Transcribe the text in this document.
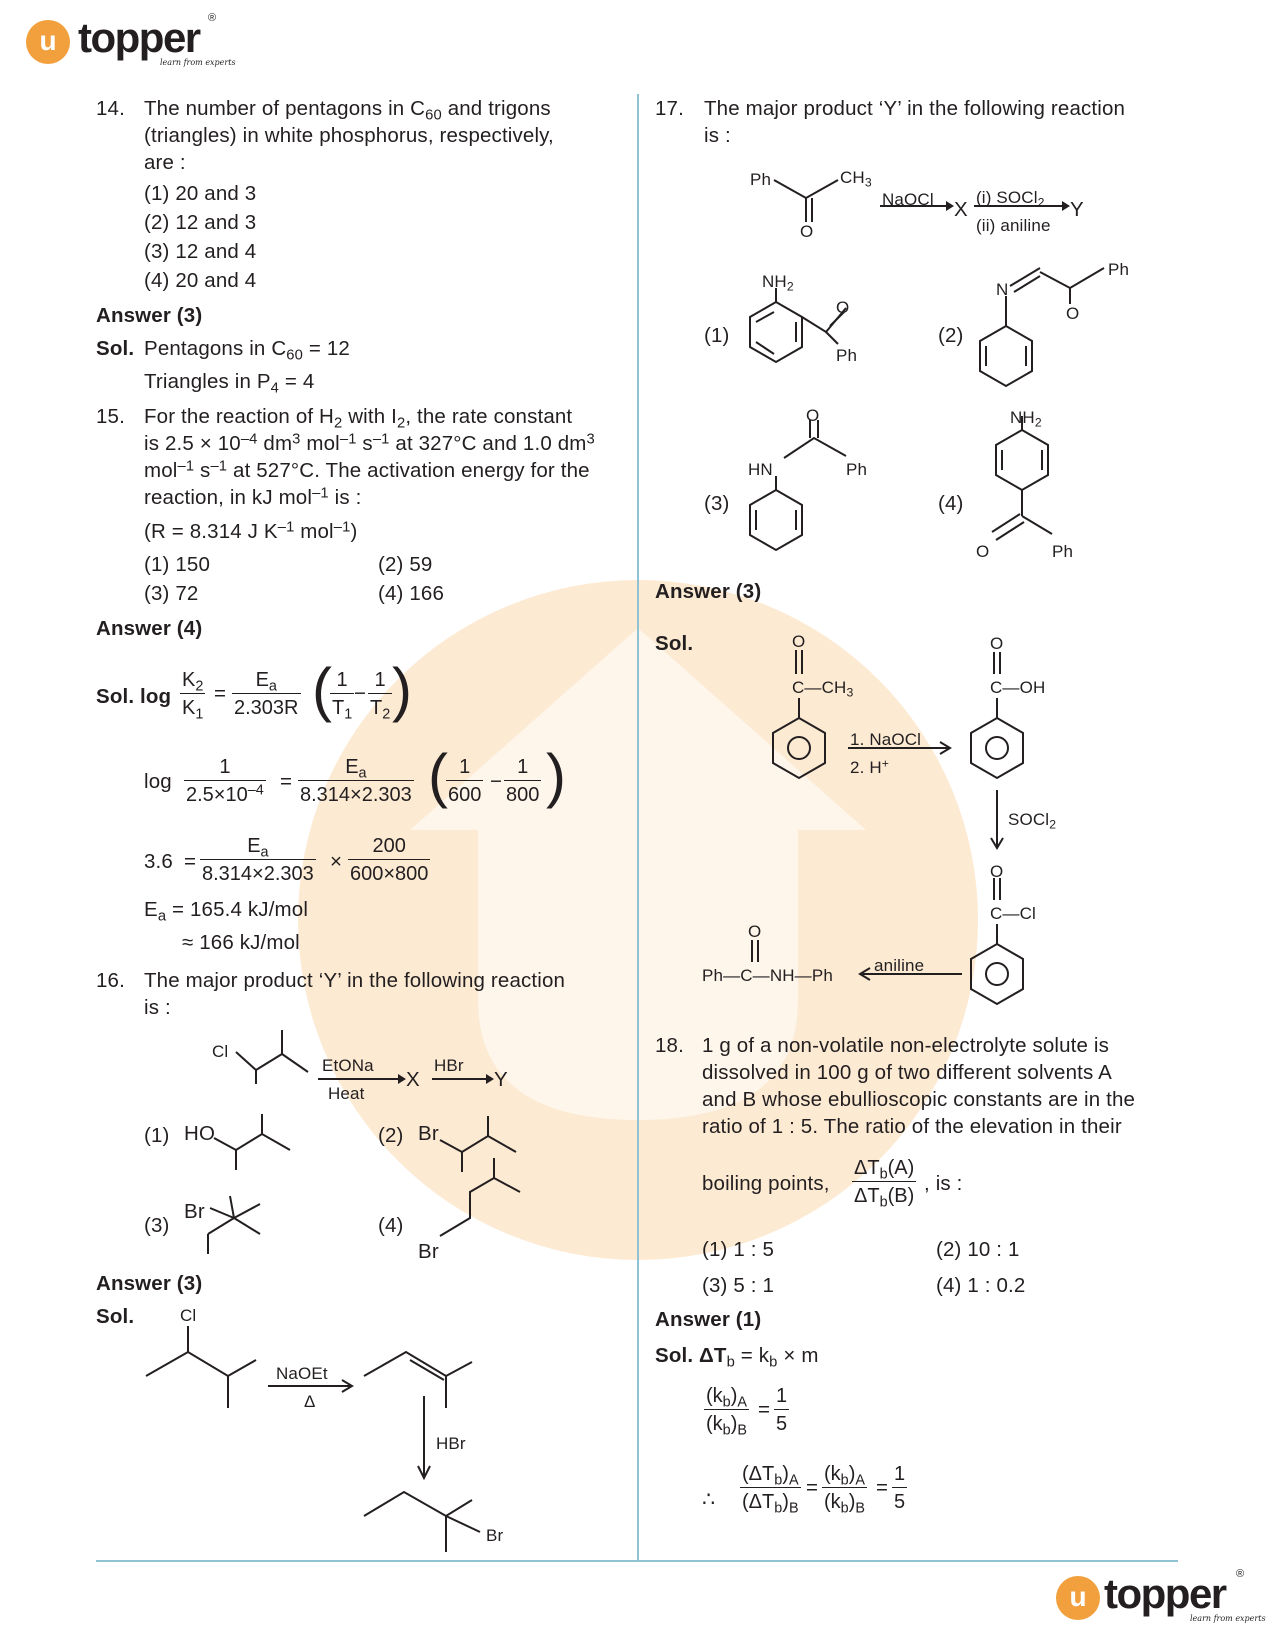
u topper ®
learn from experts
u topper ®
learn from experts
14. The number of pentagons in $C_{60}$ and trigons
(triangles) in white phosphorus, respectively,
are :
(1) 20 and 3
(2) 12 and 3
(3) 12 and 4
(4) 20 and 4
Answer (3)
Sol. Pentagons in $C_{60} = 12$
Triangles in $P_4 = 4$
15. For the reaction of $H_2$ with $I_2$, the rate constant
is $2.5 \times 10^{-4}$ $dm^3$ mol$^{-1}$ $s^{-1}$ at 327°C and 1.0 $dm^3$
mol$^{-1}$ $s^{-1}$ at 527°C. The activation energy for the
reaction, in kJ mol$^{-1}$ is :
(R = 8.314 J $K^{-1}$ mol$^{-1}$)
(1) 150	(2) 59
(3) 72	(4) 166
Answer (4)
Sol. $\log \frac{K_2}{K_1} = \frac{E_a}{2.303R}$ (
$\frac{1}{T_1} - \frac{1}{T_2}$ )
$\log \frac{1}{2.5\times 10^{-4}} = \frac{E_a}{8.314\times 2.303}$ (
$\frac{1}{600} - \frac{1}{800}$ )
$3.6 = \frac{E_a}{8.314\times 2.303} \times \frac{200}{600\times 800}$
$E_a = 165.4$ kJ/mol
≈ 166 kJ/mol
16. The major product ‘Y’ in the following reaction
is :
Cl
EtONa
Heat
X
HBr
Y
(1) HO	(2) Br
(3)
Br
(4)
Br
Answer (3)
Sol.	Cl
NaOEt
Δ
HBr
Br
17. The major product ‘Y’ in the following reaction
is :
Ph	$CH_3$
O
NaOCl X
(i) SOCl$_2$
(ii) aniline
Y
(1)
$NH_2$
O
Ph
(2)
N
O
Ph
(3)
HN
O
Ph
(4)
$NH_2$
O	Ph
Answer (3)
Sol.	O
$C—CH_3$
1. NaOCl
2. H+
O
C—OH
SOCl$_2$
O
C—Cl
O
Ph—C—NH—Ph
aniline
18. 1 g of a non-volatile non-electrolyte solute is
dissolved in 100 g of two different solvents A
and B whose ebullioscopic constants are in the
ratio of 1 : 5. The ratio of the elevation in their
boiling points,
$\Delta T_b(A)$
$\Delta T_b(B)$
, is :
(1) 1 : 5	(2) 10 : 1
(3) 5 : 1	(4) 1 : 0.2
Answer (1)
Sol. $\Delta T_b = k_b \times m$
$\frac{(k_b)_A}{(k_b)_B} = \frac{1}{5}$
∴
$(\Delta T_b)_A$
$(\Delta T_b)_B$
= $\frac{(k_b)_A}{(k_b)_B} = \frac{1}{5}$
